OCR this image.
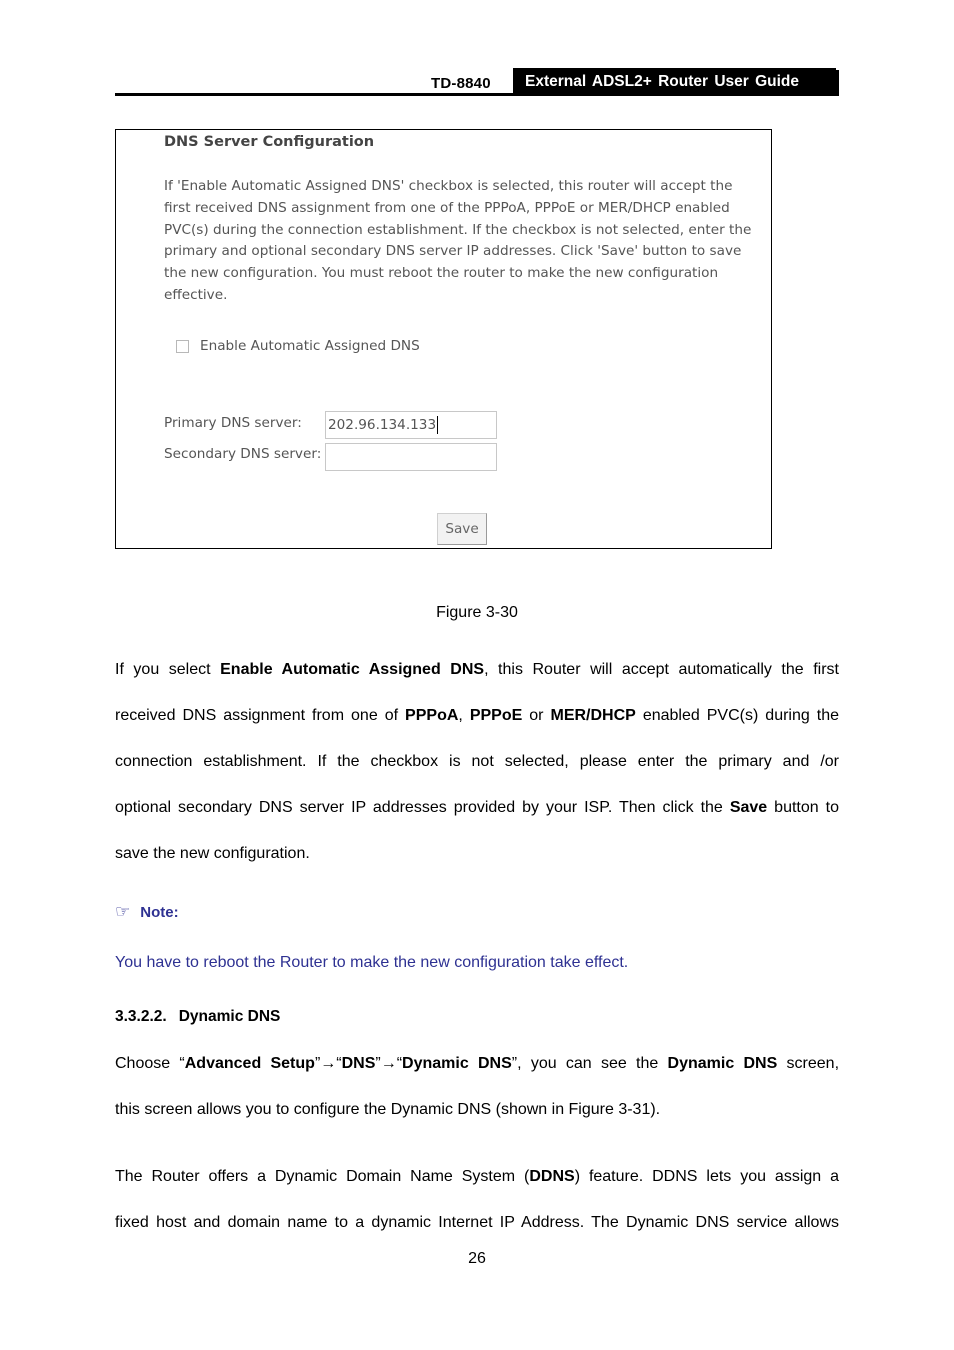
TD-8840	External ADSL2+ Router User Guide
DNS Server Configuration
If 'Enable Automatic Assigned DNS' checkbox is selected, this router will accept the first received DNS assignment from one of the PPPoA, PPPoE or MER/DHCP enabled PVC(s) during the connection establishment. If the checkbox is not selected, enter the primary and optional secondary DNS server IP addresses. Click 'Save' button to save the new configuration. You must reboot the router to make the new configuration effective.
Enable Automatic Assigned DNS
Primary DNS server: 202.96.134.133
Secondary DNS server:
Save
Figure 3-30
If you select Enable Automatic Assigned DNS, this Router will accept automatically the first
received DNS assignment from one of PPPoA, PPPoE or MER/DHCP enabled PVC(s) during the
connection establishment. If the checkbox is not selected, please enter the primary and /or
optional secondary DNS server IP addresses provided by your ISP. Then click the Save button to
save the new configuration.
☞ Note:
You have to reboot the Router to make the new configuration take effect.
3.3.2.2. Dynamic DNS
Choose “Advanced Setup”→“DNS”→“Dynamic DNS”, you can see the Dynamic DNS screen,
this screen allows you to configure the Dynamic DNS (shown in Figure 3-31).
The Router offers a Dynamic Domain Name System (DDNS) feature. DDNS lets you assign a
fixed host and domain name to a dynamic Internet IP Address. The Dynamic DNS service allows
26
